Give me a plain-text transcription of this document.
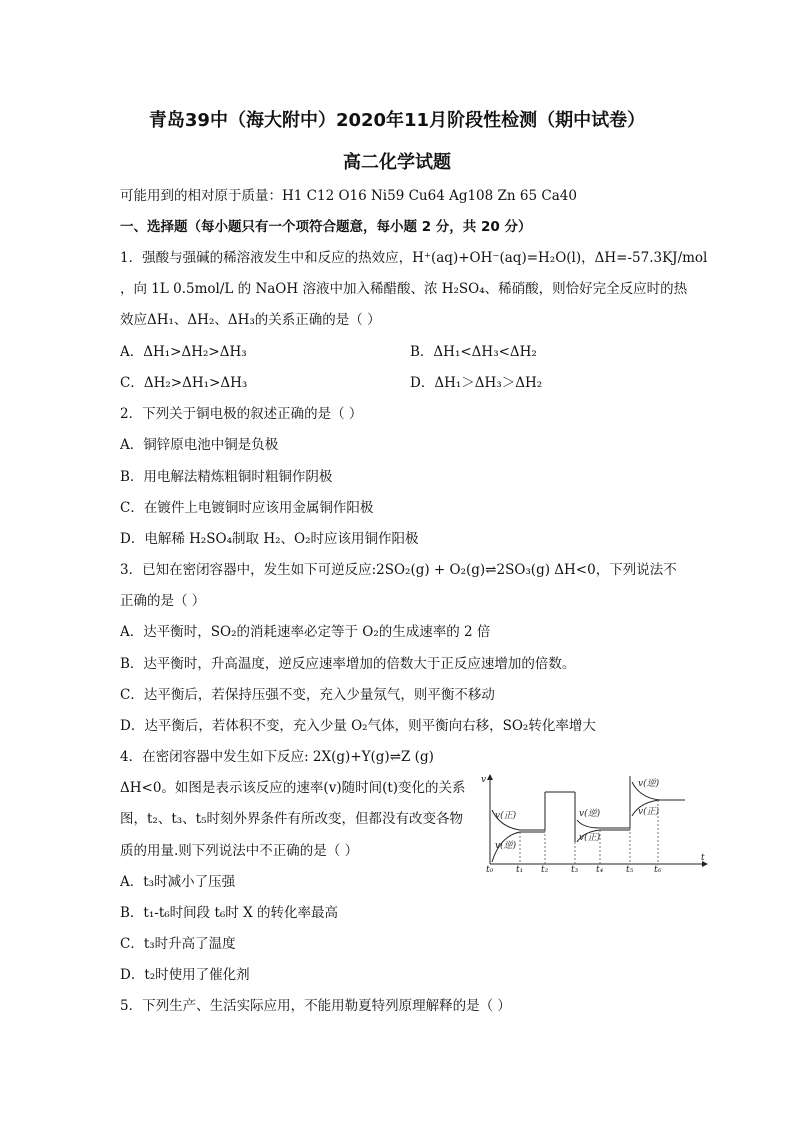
青岛39中（海大附中）2020年11月阶段性检测（期中试卷）
高二化学试题
可能用到的相对原于质量：H1 C12 O16 Ni59 Cu64 Ag108 Zn 65 Ca40
一、选择题（每小题只有一个项符合题意，每小题 2 分，共 20 分）
1．强酸与强碱的稀溶液发生中和反应的热效应，H⁺(aq)+OH⁻(aq)=H₂O(l)，ΔH=-57.3KJ/mol
，向 1L 0.5mol/L 的 NaOH 溶液中加入稀醋酸、浓 H₂SO₄、稀硝酸，则恰好完全反应时的热
效应ΔH₁、ΔH₂、ΔH₃的关系正确的是（ ）
A．ΔH₁>ΔH₂>ΔH₃	B．ΔH₁<ΔH₃<ΔH₂
C．ΔH₂>ΔH₁>ΔH₃	D．ΔH₁＞ΔH₃＞ΔH₂
2．下列关于铜电极的叙述正确的是（ ）
A．铜锌原电池中铜是负极
B．用电解法精炼粗铜时粗铜作阴极
C．在镀件上电镀铜时应该用金属铜作阳极
D．电解稀 H₂SO₄制取 H₂、O₂时应该用铜作阳极
3．已知在密闭容器中，发生如下可逆反应:2SO₂(g) + O₂(g)⇌2SO₃(g) ΔH<0，下列说法不
正确的是（ ）
A．达平衡时，SO₂的消耗速率必定等于 O₂的生成速率的 2 倍
B．达平衡时，升高温度，逆反应速率增加的倍数大于正反应速增加的倍数。
C．达平衡后，若保持压强不变，充入少量氖气，则平衡不移动
D．达平衡后，若体积不变，充入少量 O₂气体，则平衡向右移，SO₂转化率增大
4．在密闭容器中发生如下反应: 2X(g)+Y(g)⇌Z (g)
ΔH<0。如图是表示该反应的速率(v)随时间(t)变化的关系
图，t₂、t₃、t₅时刻外界条件有所改变，但都没有改变各物
质的用量.则下列说法中不正确的是（ ）
v
t
v(正)
v(逆)
v(逆)
v(正)
v(逆)
v(正)
t₀	t₁ t₂	t₃ t₄	t₅ t₆
A．t₃时减小了压强
B．t₁-t₆时间段 t₆时 X 的转化率最高
C．t₃时升高了温度
D．t₂时使用了催化剂
5．下列生产、生活实际应用，不能用勒夏特列原理解释的是（ ）
